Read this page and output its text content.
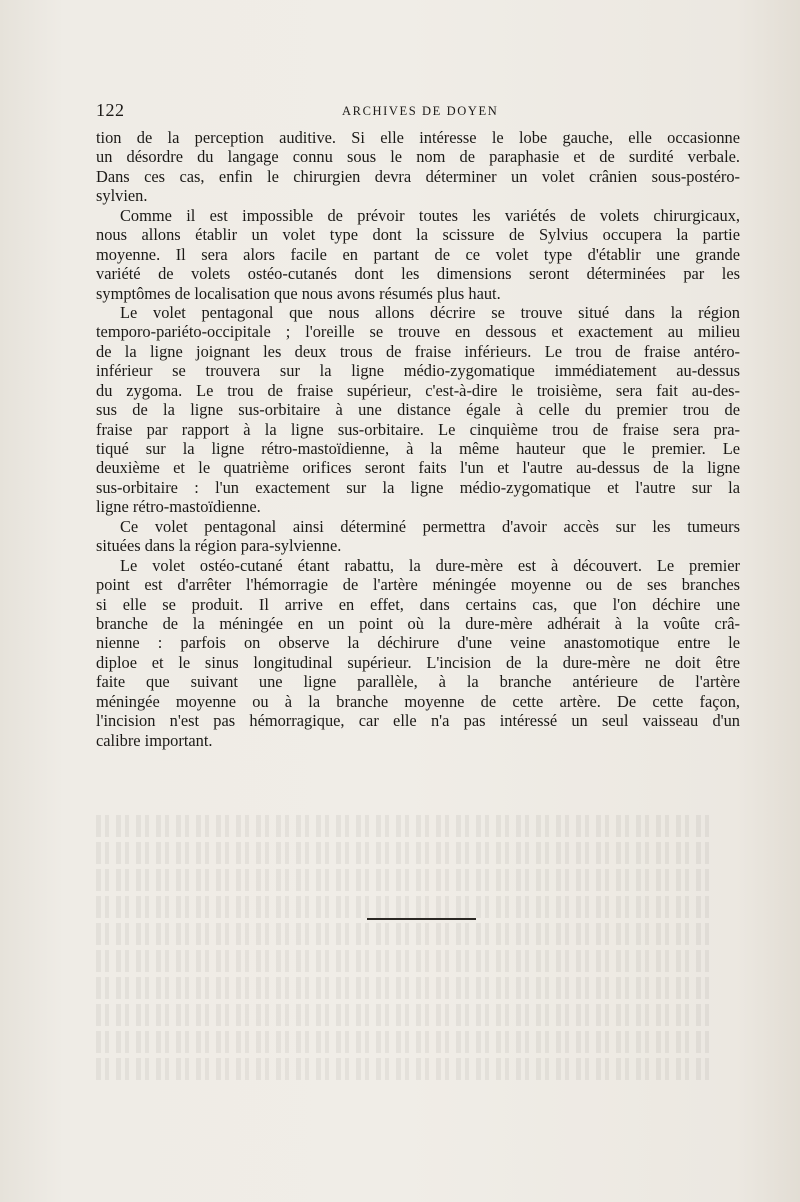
122	ARCHIVES DE DOYEN
tion de la perception auditive. Si elle intéresse le lobe gauche, elle occasionne
un désordre du langage connu sous le nom de paraphasie et de surdité verbale.
Dans ces cas, enfin le chirurgien devra déterminer un volet crânien sous-postéro-
sylvien.
Comme il est impossible de prévoir toutes les variétés de volets chirurgicaux,
nous allons établir un volet type dont la scissure de Sylvius occupera la partie
moyenne. Il sera alors facile en partant de ce volet type d'établir une grande
variété de volets ostéo-cutanés dont les dimensions seront déterminées par les
symptômes de localisation que nous avons résumés plus haut.
Le volet pentagonal que nous allons décrire se trouve situé dans la région
temporo-pariéto-occipitale ; l'oreille se trouve en dessous et exactement au milieu
de la ligne joignant les deux trous de fraise inférieurs. Le trou de fraise antéro-
inférieur se trouvera sur la ligne médio-zygomatique immédiatement au-dessus
du zygoma. Le trou de fraise supérieur, c'est-à-dire le troisième, sera fait au-des-
sus de la ligne sus-orbitaire à une distance égale à celle du premier trou de
fraise par rapport à la ligne sus-orbitaire. Le cinquième trou de fraise sera pra-
tiqué sur la ligne rétro-mastoïdienne, à la même hauteur que le premier. Le
deuxième et le quatrième orifices seront faits l'un et l'autre au-dessus de la ligne
sus-orbitaire : l'un exactement sur la ligne médio-zygomatique et l'autre sur la
ligne rétro-mastoïdienne.
Ce volet pentagonal ainsi déterminé permettra d'avoir accès sur les tumeurs
situées dans la région para-sylvienne.
Le volet ostéo-cutané étant rabattu, la dure-mère est à découvert. Le premier
point est d'arrêter l'hémorragie de l'artère méningée moyenne ou de ses branches
si elle se produit. Il arrive en effet, dans certains cas, que l'on déchire une
branche de la méningée en un point où la dure-mère adhérait à la voûte crâ-
nienne : parfois on observe la déchirure d'une veine anastomotique entre le
diploe et le sinus longitudinal supérieur. L'incision de la dure-mère ne doit être
faite que suivant une ligne parallèle, à la branche antérieure de l'artère
méningée moyenne ou à la branche moyenne de cette artère. De cette façon,
l'incision n'est pas hémorragique, car elle n'a pas intéressé un seul vaisseau d'un
calibre important.
